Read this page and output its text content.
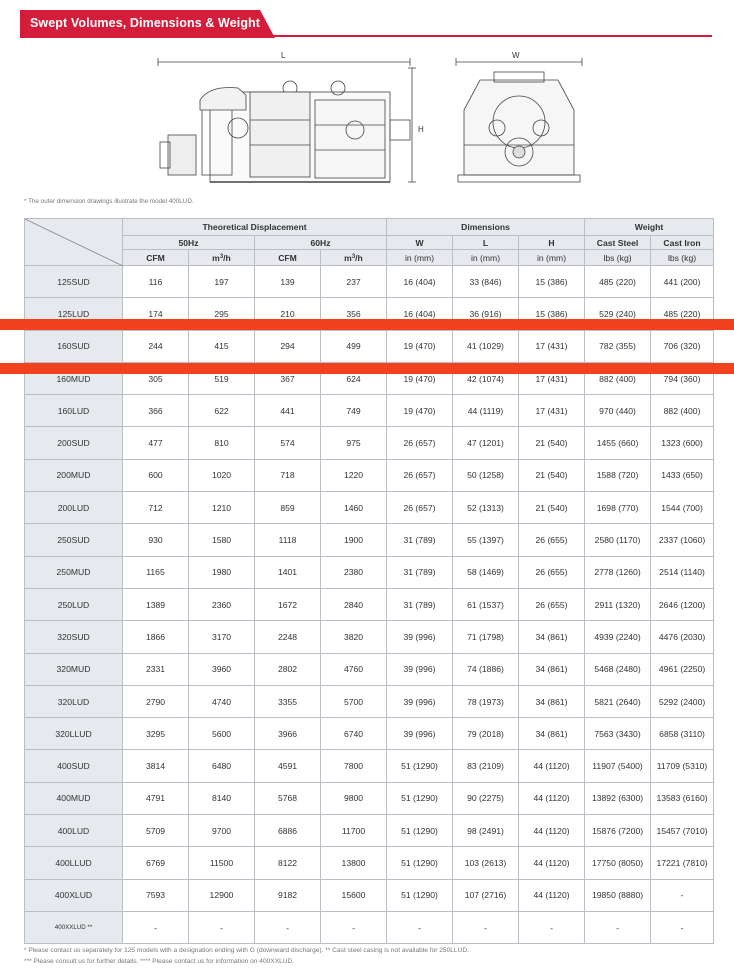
Swept Volumes, Dimensions & Weight
L
H
W
* The outer dimension drawings illustrate the model 400LUD.
	Theoretical Displacement				Dimensions			Weight	
	50Hz		60Hz		W	L	H	Cast Steel	Cast Iron
	CFM	$m^3/h$	CFM	$m^3/h$	in (mm)	in (mm)	in (mm)	lbs (kg)	lbs (kg)
125SUD	116	197	139	237	16 (404)	33 (846)	15 (386)	485 (220)	441 (200)
125LUD	174	295	210	356	16 (404)	36 (916)	15 (386)	529 (240)	485 (220)
160SUD	244	415	294	499	19 (470)	41 (1029)	17 (431)	782 (355)	706 (320)
160MUD	305	519	367	624	19 (470)	42 (1074)	17 (431)	882 (400)	794 (360)
160LUD	366	622	441	749	19 (470)	44 (1119)	17 (431)	970 (440)	882 (400)
200SUD	477	810	574	975	26 (657)	47 (1201)	21 (540)	1455 (660)	1323 (600)
200MUD	600	1020	718	1220	26 (657)	50 (1258)	21 (540)	1588 (720)	1433 (650)
200LUD	712	1210	859	1460	26 (657)	52 (1313)	21 (540)	1698 (770)	1544 (700)
250SUD	930	1580	1118	1900	31 (789)	55 (1397)	26 (655)	2580 (1170)	2337 (1060)
250MUD	1165	1980	1401	2380	31 (789)	58 (1469)	26 (655)	2778 (1260)	2514 (1140)
250LUD	1389	2360	1672	2840	31 (789)	61 (1537)	26 (655)	2911 (1320)	2646 (1200)
320SUD	1866	3170	2248	3820	39 (996)	71 (1798)	34 (861)	4939 (2240)	4476 (2030)
320MUD	2331	3960	2802	4760	39 (996)	74 (1886)	34 (861)	5468 (2480)	4961 (2250)
320LUD	2790	4740	3355	5700	39 (996)	78 (1973)	34 (861)	5821 (2640)	5292 (2400)
320LLUD	3295	5600	3966	6740	39 (996)	79 (2018)	34 (861)	7563 (3430)	6858 (3110)
400SUD	3814	6480	4591	7800	51 (1290)	83 (2109)	44 (1120)	11907 (5400)	11709 (5310)
400MUD	4791	8140	5768	9800	51 (1290)	90 (2275)	44 (1120)	13892 (6300)	13583 (6160)
400LUD	5709	9700	6886	11700	51 (1290)	98 (2491)	44 (1120)	15876 (7200)	15457 (7010)
400LLUD	6769	11500	8122	13800	51 (1290)	103 (2613)	44 (1120)	17750 (8050)	17221 (7810)
400XLUD	7593	12900	9182	15600	51 (1290)	107 (2716)	44 (1120)	19850 (8880)	-
400XXLUD **	-	-	-	-	-	-	-	-	-
* Please contact us separately for 125 models with a designation ending with G (downward discharge). ** Cast steel casing is not available for 250LLUD.
*** Please consult us for further details. **** Please contact us for information on 400XXLUD.
